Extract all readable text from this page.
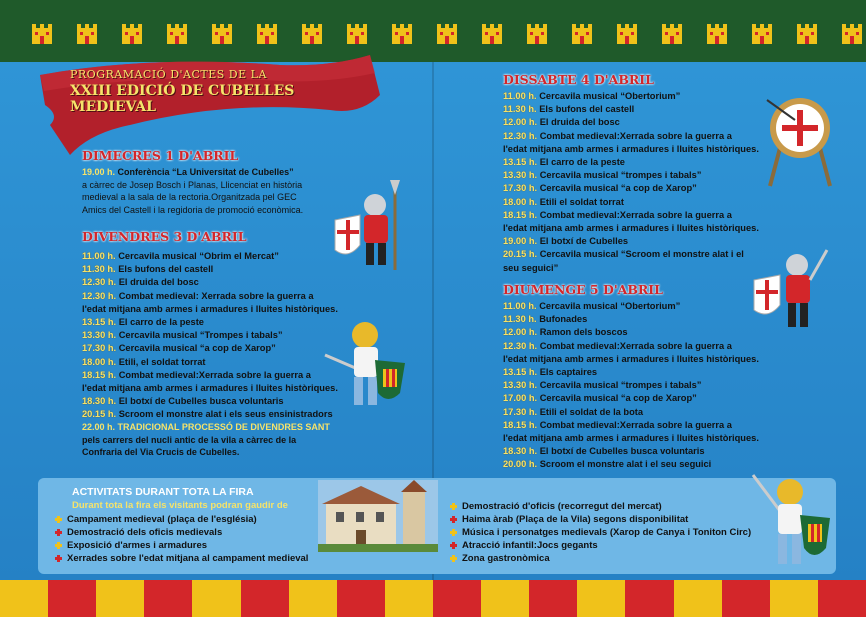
PROGRAMACIÓ D'ACTES DE LA
XXIII EDICIÓ DE CUBELLES MEDIEVAL
DIMECRES 1 D'ABRIL
19.00 h. Conferència “La Universitat de Cubelles”
a càrrec de Josep Bosch i Planas, Llicenciat en història
medieval a la sala de la rectoria.Organitzada pel GEC
Amics del Castell i la regidoria de promoció econòmica.
DIVENDRES 3 D'ABRIL
11.00 h. Cercavila musical “Obrim el Mercat”
11.30 h. Els bufons del castell
12.30 h. El druida del bosc
12.30 h. Combat medieval: Xerrada sobre la guerra a
l'edat mitjana amb armes i armadures i lluites històriques.
13.15 h. El carro de la peste
13.30 h. Cercavila musical “Trompes i tabals”
17.30 h. Cercavila musical “a cop de Xarop”
18.00 h. Etili, el soldat torrat
18.15 h. Combat medieval:Xerrada sobre la guerra a
l'edat mitjana amb armes i armadures i lluites històriques.
18.30 h. El botxí de Cubelles busca voluntaris
20.15 h. Scroom el monstre alat i els seus ensinistradors
22.00 h. TRADICIONAL PROCESSÓ DE DIVENDRES SANT
pels carrers del nucli antic de la vila a càrrec de la
Confraria del Via Crucis de Cubelles.
DISSABTE 4 D'ABRIL
11.00 h. Cercavila musical “Obertorium”
11.30 h. Els bufons del castell
12.00 h. El druida del bosc
12.30 h. Combat medieval:Xerrada sobre la guerra a
l'edat mitjana amb armes i armadures i lluites històriques.
13.15 h. El carro de la peste
13.30 h. Cercavila musical “trompes i tabals”
17.30 h. Cercavila musical “a cop de Xarop”
18.00 h. Etili el soldat torrat
18.15 h. Combat medieval:Xerrada sobre la guerra a
l'edat mitjana amb armes i armadures i lluites històriques.
19.00 h. El botxí de Cubelles
20.15 h. Cercavila musical “Scroom el monstre alat i el
seu seguici”
DIUMENGE 5 D'ABRIL
11.00 h. Cercavila musical “Obertorium”
11.30 h. Bufonades
12.00 h. Ramon dels boscos
12.30 h. Combat medieval:Xerrada sobre la guerra a
l'edat mitjana amb armes i armadures i lluites històriques.
13.15 h. Els captaires
13.30 h. Cercavila musical “trompes i tabals”
17.00 h. Cercavila musical “a cop de Xarop”
17.30 h. Etili el soldat de la bota
18.15 h. Combat medieval:Xerrada sobre la guerra a
l'edat mitjana amb armes i armadures i lluites històriques.
18.30 h. El botxí de Cubelles busca voluntaris
20.00 h. Scroom el monstre alat i el seu seguici
ACTIVITATS DURANT TOTA LA FIRA
Durant tota la fira els visitants podran gaudir de
Campament medieval (plaça de l'església)
Demostració dels oficis medievals
Exposició d'armes i armadures
Xerrades sobre l'edat mitjana al campament medieval
Demostració d'oficis (recorregut del mercat)
Haima àrab (Plaça de la Vila) segons disponibilitat
Música i personatges medievals (Xarop de Canya i Toniton Circ)
Atracció infantil:Jocs gegants
Zona gastronòmica
